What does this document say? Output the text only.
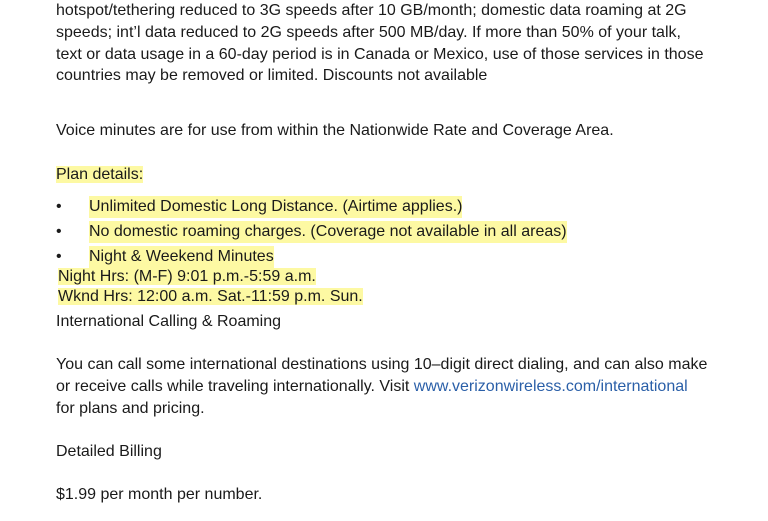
hotspot/tethering reduced to 3G speeds after 10 GB/month; domestic data roaming at 2G
speeds; int’l data reduced to 2G speeds after 500 MB/day. If more than 50% of your talk,
text or data usage in a 60-day period is in Canada or Mexico, use of those services in those
countries may be removed or limited. Discounts not available
Voice minutes are for use from within the Nationwide Rate and Coverage Area.
Plan details:
•	Unlimited Domestic Long Distance. (Airtime applies.)
•	No domestic roaming charges. (Coverage not available in all areas)
•	Night & Weekend Minutes
Night Hrs: (M-F) 9:01 p.m.-5:59 a.m.
Wknd Hrs: 12:00 a.m. Sat.-11:59 p.m. Sun.
International Calling & Roaming
You can call some international destinations using 10–digit direct dialing, and can also make
or receive calls while traveling internationally. Visit www.verizonwireless.com/international
for plans and pricing.
Detailed Billing
$1.99 per month per number.
